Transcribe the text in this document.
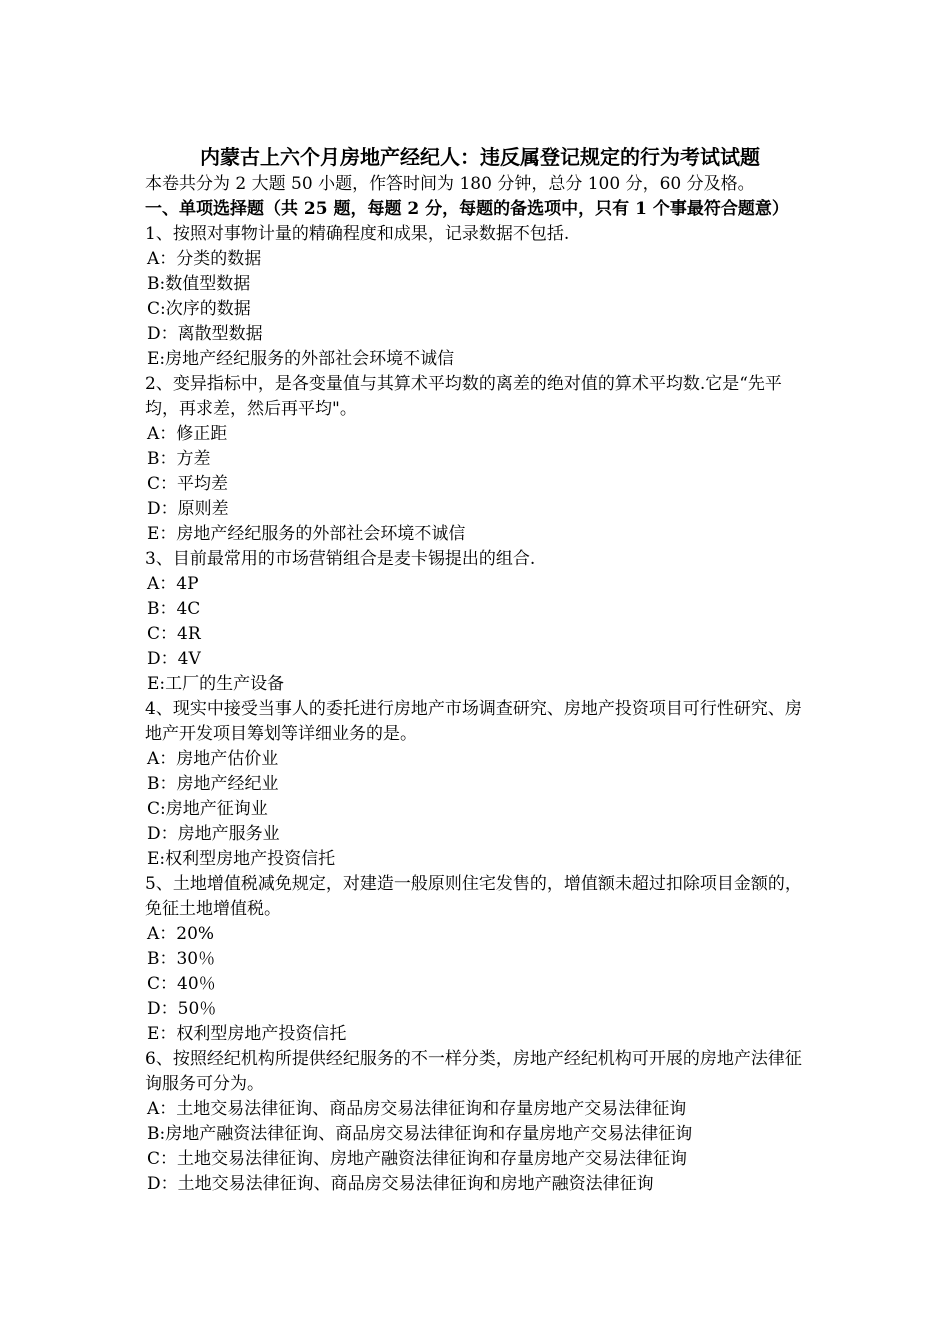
内蒙古上六个月房地产经纪人：违反属登记规定的行为考试试题

本卷共分为 2 大题 50 小题，作答时间为 180 分钟，总分 100 分，60 分及格。

一、单项选择题（共 25 题，每题 2 分，每题的备选项中，只有 1 个事最符合题意）

1、按照对事物计量的精确程度和成果，记录数据不包括.

A：分类的数据
B:数值型数据
C:次序的数据
D：离散型数据
E:房地产经纪服务的外部社会环境不诚信

2、变异指标中，是各变量值与其算术平均数的离差的绝对值的算术平均数.它是“先平均，再求差，然后再平均"。

A：修正距
B：方差
C：平均差
D：原则差
E：房地产经纪服务的外部社会环境不诚信

3、目前最常用的市场营销组合是麦卡锡提出的组合.

A：4P
B：4C
C：4R
D：4V
E:工厂的生产设备

4、现实中接受当事人的委托进行房地产市场调查研究、房地产投资项目可行性研究、房地产开发项目筹划等详细业务的是。

A：房地产估价业
B：房地产经纪业
C:房地产征询业
D：房地产服务业
E:权利型房地产投资信托

5、土地增值税减免规定，对建造一般原则住宅发售的，增值额未超过扣除项目金额的，免征土地增值税。

A：20%
B：30％
C：40％
D：50％
E：权利型房地产投资信托

6、按照经纪机构所提供经纪服务的不一样分类，房地产经纪机构可开展的房地产法律征询服务可分为。

A：土地交易法律征询、商品房交易法律征询和存量房地产交易法律征询
B:房地产融资法律征询、商品房交易法律征询和存量房地产交易法律征询
C：土地交易法律征询、房地产融资法律征询和存量房地产交易法律征询
D：土地交易法律征询、商品房交易法律征询和房地产融资法律征询
